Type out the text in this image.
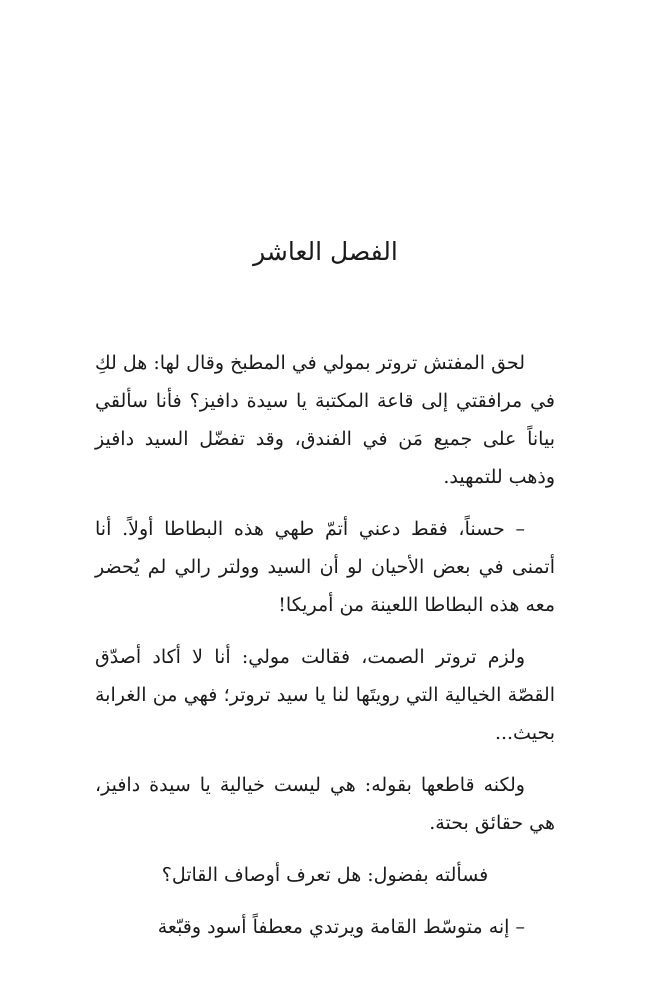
الفصل العاشر

لحق المفتش تروتر بمولي في المطبخ وقال لها: هل لكِ في مرافقتي إلى قاعة المكتبة يا سيدة دافيز؟ فأنا سألقي بياناً على جميع مَن في الفندق، وقد تفضّل السيد دافيز وذهب للتمهيد.

– حسناً، فقط دعني أتمّ طهي هذه البطاطا أولاً. أنا أتمنى في بعض الأحيان لو أن السيد وولتر رالي لم يُحضر معه هذه البطاطا اللعينة من أمريكا!

ولزم تروتر الصمت، فقالت مولي: أنا لا أكاد أصدّق القصّة الخيالية التي رويتَها لنا يا سيد تروتر؛ فهي من الغرابة بحيث...

ولكنه قاطعها بقوله: هي ليست خيالية يا سيدة دافيز، هي حقائق بحتة.

فسألته بفضول: هل تعرف أوصاف القاتل؟

– إنه متوسّط القامة ويرتدي معطفاً أسود وقبّعة
